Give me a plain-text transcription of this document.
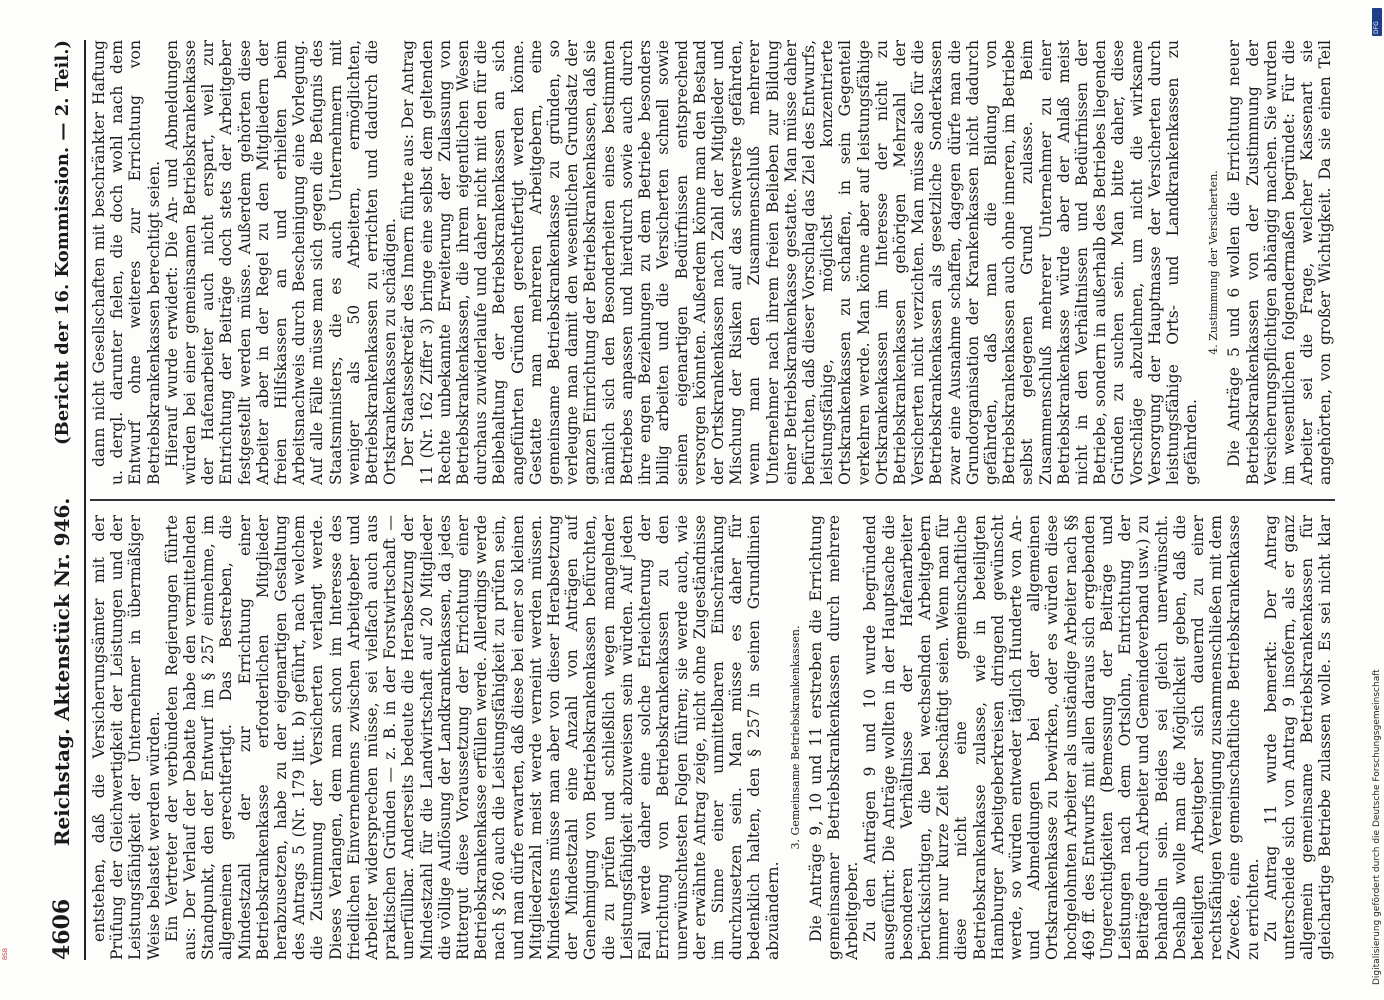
4606
Reichstag. Aktenstück Nr. 946.
(Bericht der 16. Kommission. — 2. Teil.)

entstehen, daß die Versicherungsämter mit der Prüfung der Gleichwertigkeit der Leistungen und der Leistungsfähigkeit der Unternehmer in übermäßiger Weise belastet werden würden. Ein Vertreter der verbündeten Regierungen führte aus: Der Verlauf der Debatte habe den vermittelnden Standpunkt, den der Entwurf im § 257 einnehme, im allgemeinen gerechtfertigt. Das Bestreben, die Mindestzahl der zur Errichtung einer Betriebskrankenkasse erforderlichen Mitglieder herabzusetzen, habe zu der eigenartigen Gestaltung des Antrags 5 (Nr. 179 litt. b) geführt, nach welchem die Zustimmung der Versicherten verlangt werde. Dieses Verlangen, dem man schon im Interesse des friedlichen Einvernehmens zwischen Arbeitgeber und Arbeiter widersprechen müsse, sei vielfach auch aus praktischen Gründen — z. B. in der Forstwirtschaft — unerfüllbar. Anderseits bedeute die Herabsetzung der Mindestzahl für die Landwirtschaft auf 20 Mitglieder die völlige Auflösung der Landkrankenkassen, da jedes Rittergut diese Voraussetzung der Errichtung einer Betriebskrankenkasse erfüllen werde. Allerdings werde nach § 260 auch die Leistungsfähigkeit zu prüfen sein, und man dürfe erwarten, daß diese bei einer so kleinen Mitgliederzahl meist werde verneint werden müssen. Mindestens müsse man aber von dieser Herabsetzung der Mindestzahl eine Anzahl von Anträgen auf Genehmigung von Betriebskrankenkassen befürchten, die zu prüfen und schließlich wegen mangelnder Leistungsfähigkeit abzuweisen sein würden. Auf jeden Fall werde daher eine solche Erleichterung der Errichtung von Betriebskrankenkassen zu den unerwünschtesten Folgen führen; sie werde auch, wie der erwähnte Antrag zeige, nicht ohne Zugeständnisse im Sinne einer unmittelbaren Einschränkung durchzusetzen sein. Man müsse es daher für bedenklich halten, den § 257 in seinen Grundlinien abzuändern.

3. Gemeinsame Betriebskrankenkassen. Die Anträge 9, 10 und 11 erstreben die Errichtung gemeinsamer Betriebskrankenkassen durch mehrere Arbeitgeber. Zu den Anträgen 9 und 10 wurde begründend ausgeführt: Die Anträge wollten in der Hauptsache die besonderen Verhältnisse der Hafenarbeiter berücksichtigen, die bei wechselnden Arbeitgebern immer nur kurze Zeit beschäftigt seien. Wenn man für diese nicht eine gemeinschaftliche Betriebskrankenkasse zulasse, wie in beteiligten Hamburger Arbeitgeberkreisen dringend gewünscht werde, so würden entweder täglich Hunderte von An- und Abmeldungen bei der allgemeinen Ortskrankenkasse zu bewirken, oder es würden diese hochgelohnten Arbeiter als unständige Arbeiter nach §§ 469 ff. des Entwurfs mit allen daraus sich ergebenden Ungerechtigkeiten (Bemessung der Beiträge und Leistungen nach dem Ortslohn, Entrichtung der Beiträge durch Arbeiter und Gemeindeverband usw.) zu behandeln sein. Beides sei gleich unerwünscht. Deshalb wolle man die Möglichkeit geben, daß die beteiligten Arbeitgeber sich dauernd zu einer rechtsfähigen Vereinigung zusammenschließen mit dem Zwecke, eine gemeinschaftliche Betriebskrankenkasse zu errichten. Zu Antrag 11 wurde bemerkt: Der Antrag unterscheide sich von Antrag 9 insofern, als er ganz allgemein gemeinsame Betriebskrankenkassen für gleichartige Betriebe zulassen wolle. Es sei nicht klar

dann nicht Gesellschaften mit beschränkter Haftung u. dergl. darunter fielen, die doch wohl nach dem Entwurf ohne weiteres zur Errichtung von Betriebskrankenkassen berechtigt seien. Hierauf wurde erwidert: Die An- und Abmeldungen würden bei einer gemeinsamen Betriebskrankenkasse der Hafenarbeiter auch nicht erspart, weil zur Entrichtung der Beiträge doch stets der Arbeitgeber festgestellt werden müsse. Außerdem gehörten diese Arbeiter aber in der Regel zu den Mitgliedern der freien Hilfskassen an und erhielten beim Arbeitsnachweis durch Bescheinigung eine Vorlegung. Auf alle Fälle müsse man sich gegen die Befugnis des Staatsministers, die es auch Unternehmern mit weniger als 50 Arbeitern, ermöglichten, Betriebskrankenkassen zu errichten und dadurch die Ortskrankenkassen zu schädigen. Der Staatssekretär des Innern führte aus: Der Antrag 11 (Nr. 162 Ziffer 3) bringe eine selbst dem geltenden Rechte unbekannte Erweiterung der Zulassung von Betriebskrankenkassen, die ihrem eigentlichen Wesen durchaus zuwiderlaufe und daher nicht mit den für die Beibehaltung der Betriebskrankenkassen an sich angeführten Gründen gerechtfertigt werden könne. Gestatte man mehreren Arbeitgebern, eine gemeinsame Betriebskrankenkasse zu gründen, so verleugne man damit den wesentlichen Grundsatz der ganzen Einrichtung der Betriebskrankenkassen, daß sie nämlich sich den Besonderheiten eines bestimmten Betriebes anpassen und hierdurch sowie auch durch ihre engen Beziehungen zu dem Betriebe besonders billig arbeiten und die Versicherten schnell sowie seinen eigenartigen Bedürfnissen entsprechend versorgen könnten. Außerdem könne man den Bestand der Ortskrankenkassen nach Zahl der Mitglieder und Mischung der Risiken auf das schwerste gefährden, wenn man den Zusammenschluß mehrerer Unternehmer nach ihrem freien Belieben zur Bildung einer Betriebskrankenkasse gestatte. Man müsse daher befürchten, daß dieser Vorschlag das Ziel des Entwurfs, leistungsfähige, möglichst konzentrierte Ortskrankenkassen zu schaffen, in sein Gegenteil verkehren werde. Man könne aber auf leistungsfähige Ortskrankenkassen im Interesse der nicht zu Betriebskrankenkassen gehörigen Mehrzahl der Versicherten nicht verzichten. Man müsse also für die Betriebskrankenkassen als gesetzliche Sonderkassen zwar eine Ausnahme schaffen, dagegen dürfe man die Grundorganisation der Krankenkassen nicht dadurch gefährden, daß man die Bildung von Betriebskrankenkassen auch ohne inneren, im Betriebe selbst gelegenen Grund zulasse. Beim Zusammenschluß mehrerer Unternehmer zu einer Betriebskrankenkasse würde aber der Anlaß meist nicht in den Verhältnissen und Bedürfnissen der Betriebe, sondern in außerhalb des Betriebes liegenden Gründen zu suchen sein. Man bitte daher, diese Vorschläge abzulehnen, um nicht die wirksame Versorgung der Hauptmasse der Versicherten durch leistungsfähige Orts- und Landkrankenkassen zu gefährden.

4. Zustimmung der Versicherten.

Die Anträge 5 und 6 wollen die Errichtung neuer Betriebskrankenkassen von der Zustimmung der Versicherungspflichtigen abhängig machen. Sie wurden im wesentlichen folgendermaßen begründet: Für die Arbeiter sei die Frage, welcher Kassenart sie angehörten, von großer Wichtigkeit. Da sie einen Teil

DFG
Digitalisierung gefördert durch die Deutsche Forschungsgemeinschaft
BSB
